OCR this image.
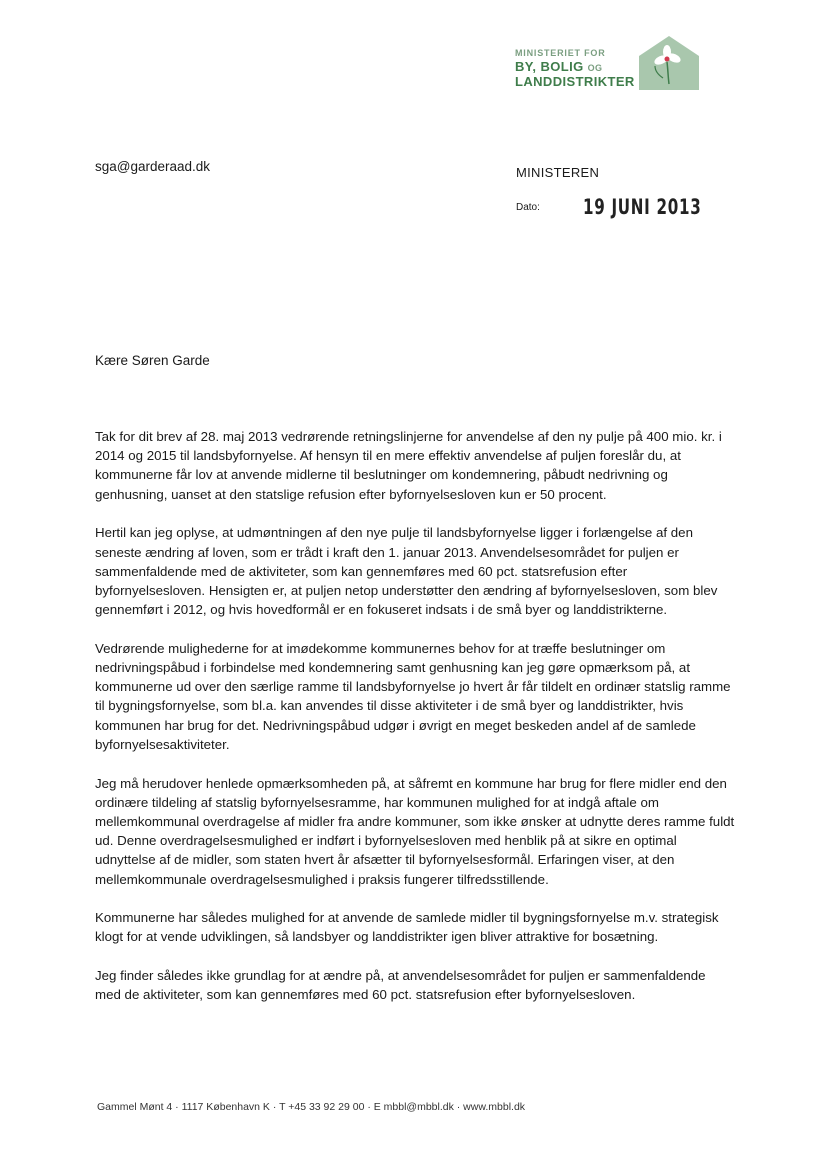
MINISTERIET FOR
BY, BOLIG OG
LANDDISTRIKTER
sga@garderaad.dk	MINISTEREN
Dato: 19 JUNI 2013
Kære Søren Garde

Tak for dit brev af 28. maj 2013 vedrørende retningslinjerne for anvendelse af den ny pulje på 400 mio. kr. i 2014 og 2015 til landsbyfornyelse. Af hensyn til en mere effektiv anvendelse af puljen foreslår du, at kommunerne får lov at anvende midlerne til beslutninger om kondemnering, påbudt nedrivning og genhusning, uanset at den statslige refusion efter byfornyelsesloven kun er 50 procent.

Hertil kan jeg oplyse, at udmøntningen af den nye pulje til landsbyfornyelse ligger i forlængelse af den seneste ændring af loven, som er trådt i kraft den 1. januar 2013. Anvendelsesområdet for puljen er sammenfaldende med de aktiviteter, som kan gennemføres med 60 pct. statsrefusion efter byfornyelsesloven. Hensigten er, at puljen netop understøtter den ændring af byfornyelsesloven, som blev gennemført i 2012, og hvis hovedformål er en fokuseret indsats i de små byer og landdistrikterne.

Vedrørende mulighederne for at imødekomme kommunernes behov for at træffe beslutninger om nedrivningspåbud i forbindelse med kondemnering samt genhusning kan jeg gøre opmærksom på, at kommunerne ud over den særlige ramme til landsbyfornyelse jo hvert år får tildelt en ordinær statslig ramme til bygningsfornyelse, som bl.a. kan anvendes til disse aktiviteter i de små byer og landdistrikter, hvis kommunen har brug for det. Nedrivningspåbud udgør i øvrigt en meget beskeden andel af de samlede byfornyelsesaktiviteter.

Jeg må herudover henlede opmærksomheden på, at såfremt en kommune har brug for flere midler end den ordinære tildeling af statslig byfornyelsesramme, har kommunen mulighed for at indgå aftale om mellemkommunal overdragelse af midler fra andre kommuner, som ikke ønsker at udnytte deres ramme fuldt ud. Denne overdragelsesmulighed er indført i byfornyelsesloven med henblik på at sikre en optimal udnyttelse af de midler, som staten hvert år afsætter til byfornyelsesformål. Erfaringen viser, at den mellemkommunale overdragelsesmulighed i praksis fungerer tilfredsstillende.

Kommunerne har således mulighed for at anvende de samlede midler til bygningsfornyelse m.v. strategisk klogt for at vende udviklingen, så landsbyer og landdistrikter igen bliver attraktive for bosætning.

Jeg finder således ikke grundlag for at ændre på, at anvendelsesområdet for puljen er sammenfaldende med de aktiviteter, som kan gennemføres med 60 pct. statsrefusion efter byfornyelsesloven.

Gammel Mønt 4 · 1117 København K · T +45 33 92 29 00 · E mbbl@mbbl.dk · www.mbbl.dk
